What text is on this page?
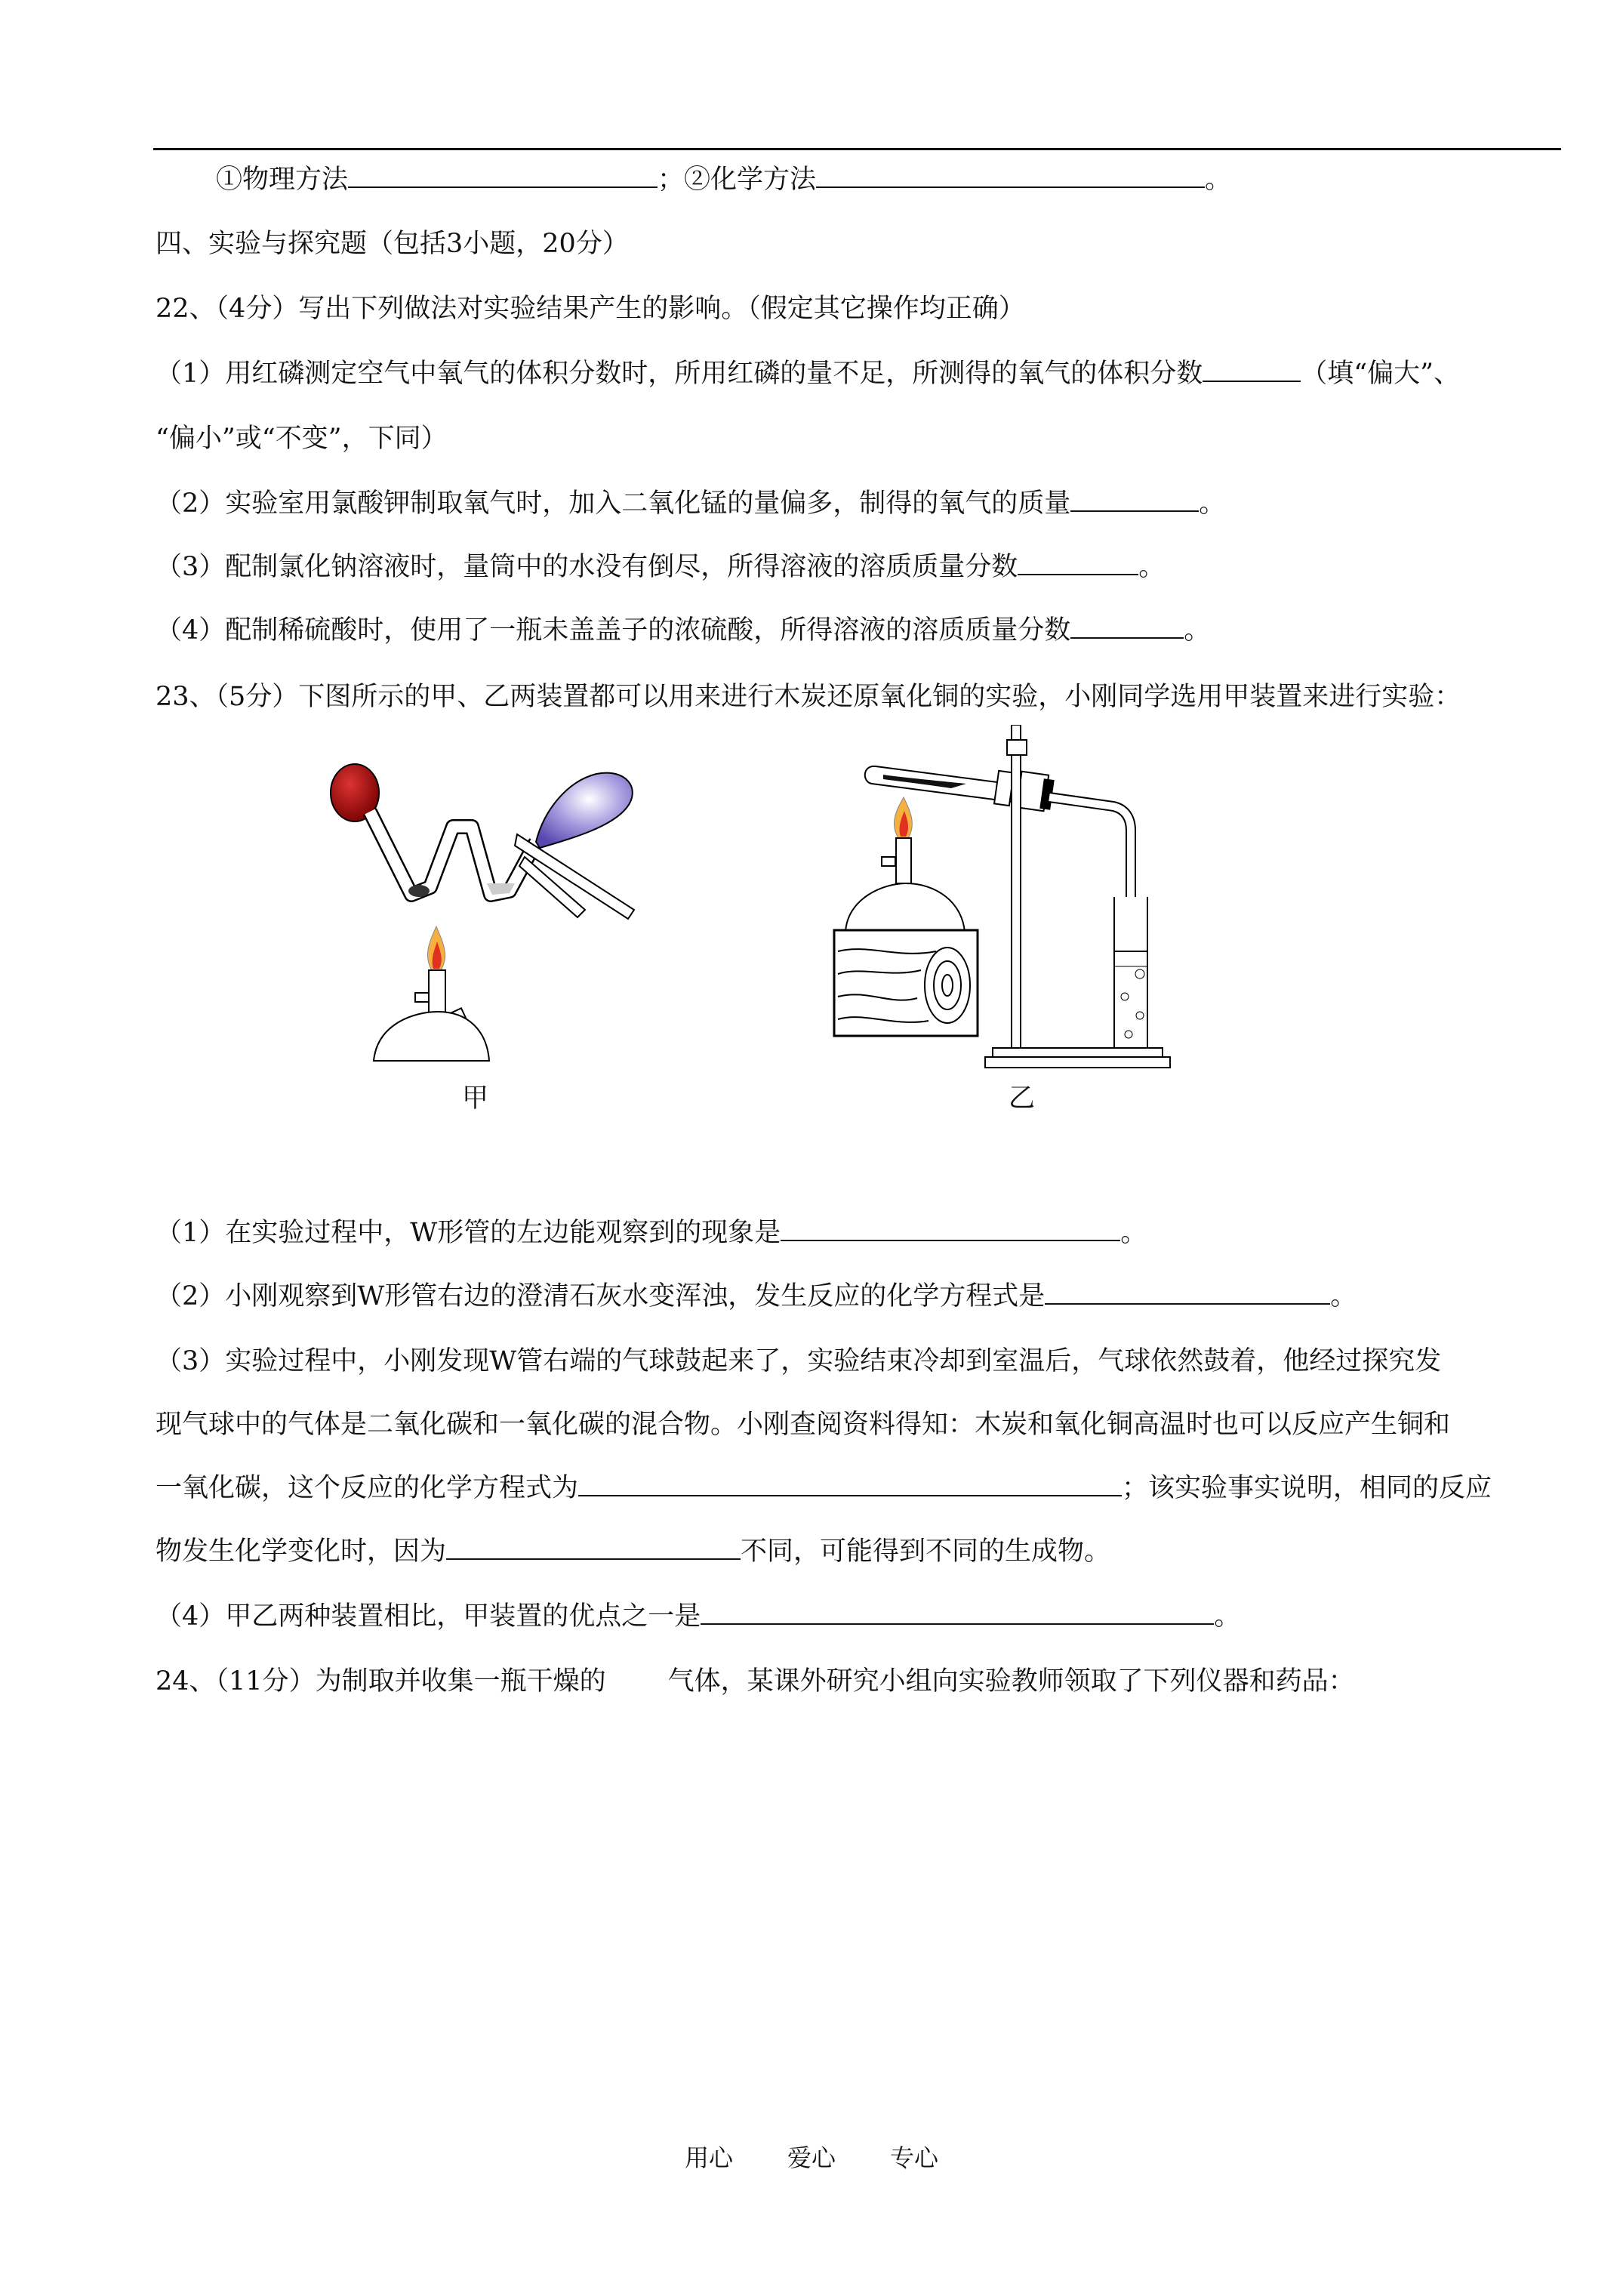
①物理方法	；②化学方法	。
四、实验与探究题（包括3小题，20分）
22、（4分）写出下列做法对实验结果产生的影响。（假定其它操作均正确）
（1）用红磷测定空气中氧气的体积分数时，所用红磷的量不足，所测得的氧气的体积分数	（填“偏大”、
“偏小”或“不变”，下同）
（2）实验室用氯酸钾制取氧气时，加入二氧化锰的量偏多，制得的氧气的质量	。
（3）配制氯化钠溶液时，量筒中的水没有倒尽，所得溶液的溶质质量分数	。
（4）配制稀硫酸时，使用了一瓶未盖盖子的浓硫酸，所得溶液的溶质质量分数	。
23、（5分）下图所示的甲、乙两装置都可以用来进行木炭还原氧化铜的实验，小刚同学选用甲装置来进行实验：
甲	乙
（1）在实验过程中，W形管的左边能观察到的现象是	。
（2）小刚观察到W形管右边的澄清石灰水变浑浊，发生反应的化学方程式是	。
（3）实验过程中，小刚发现W管右端的气球鼓起来了，实验结束冷却到室温后，气球依然鼓着，他经过探究发
现气球中的气体是二氧化碳和一氧化碳的混合物。小刚查阅资料得知：木炭和氧化铜高温时也可以反应产生铜和
一氧化碳，这个反应的化学方程式为	；该实验事实说明，相同的反应
物发生化学变化时，因为	不同，可能得到不同的生成物。
（4）甲乙两种装置相比，甲装置的优点之一是	。
24、（11分）为制取并收集一瓶干燥的 气体，某课外研究小组向实验教师领取了下列仪器和药品：
用心 爱心 专心
